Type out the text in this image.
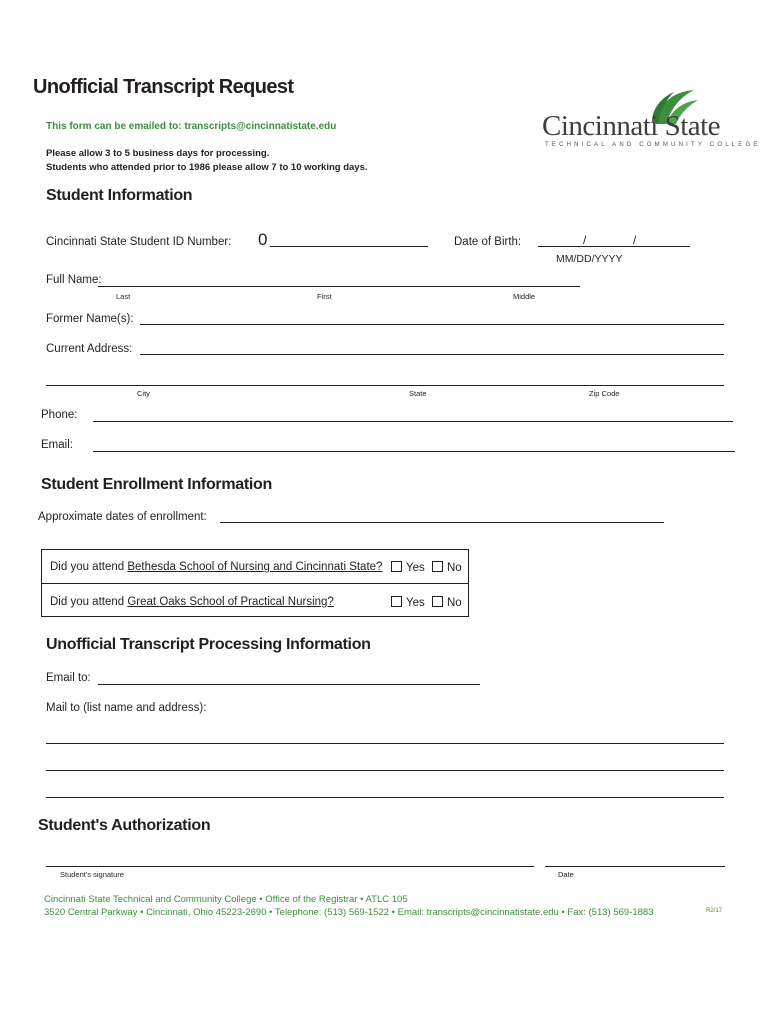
Unofficial Transcript Request
This form can be emailed to: transcripts@cincinnatistate.edu
Please allow 3 to 5 business days for processing.
Students who attended prior to 1986 please allow 7 to 10 working days.
Cincinnati State
TECHNICAL AND COMMUNITY COLLEGE
Student Information
Cincinnati State Student ID Number: 0	Date of Birth:	/	/
MM/DD/YYYY
Full Name:
Last	First	Middle
Former Name(s):
Current Address:
City	State	Zip Code
Phone:
Email:
Student Enrollment Information
Approximate dates of enrollment:
Did you attend Bethesda School of Nursing and Cincinnati State?	Yes	No
Did you attend Great Oaks School of Practical Nursing?	Yes	No
Unofficial Transcript Processing Information
Email to:
Mail to (list name and address):
Student's Authorization
Student's signature	Date
Cincinnati State Technical and Community College • Office of the Registrar • ATLC 105
3520 Central Parkway • Cincinnati, Ohio 45223-2690 • Telephone: (513) 569-1522 • Email: transcripts@cincinnatistate.edu • Fax: (513) 569-1883	R2/17
